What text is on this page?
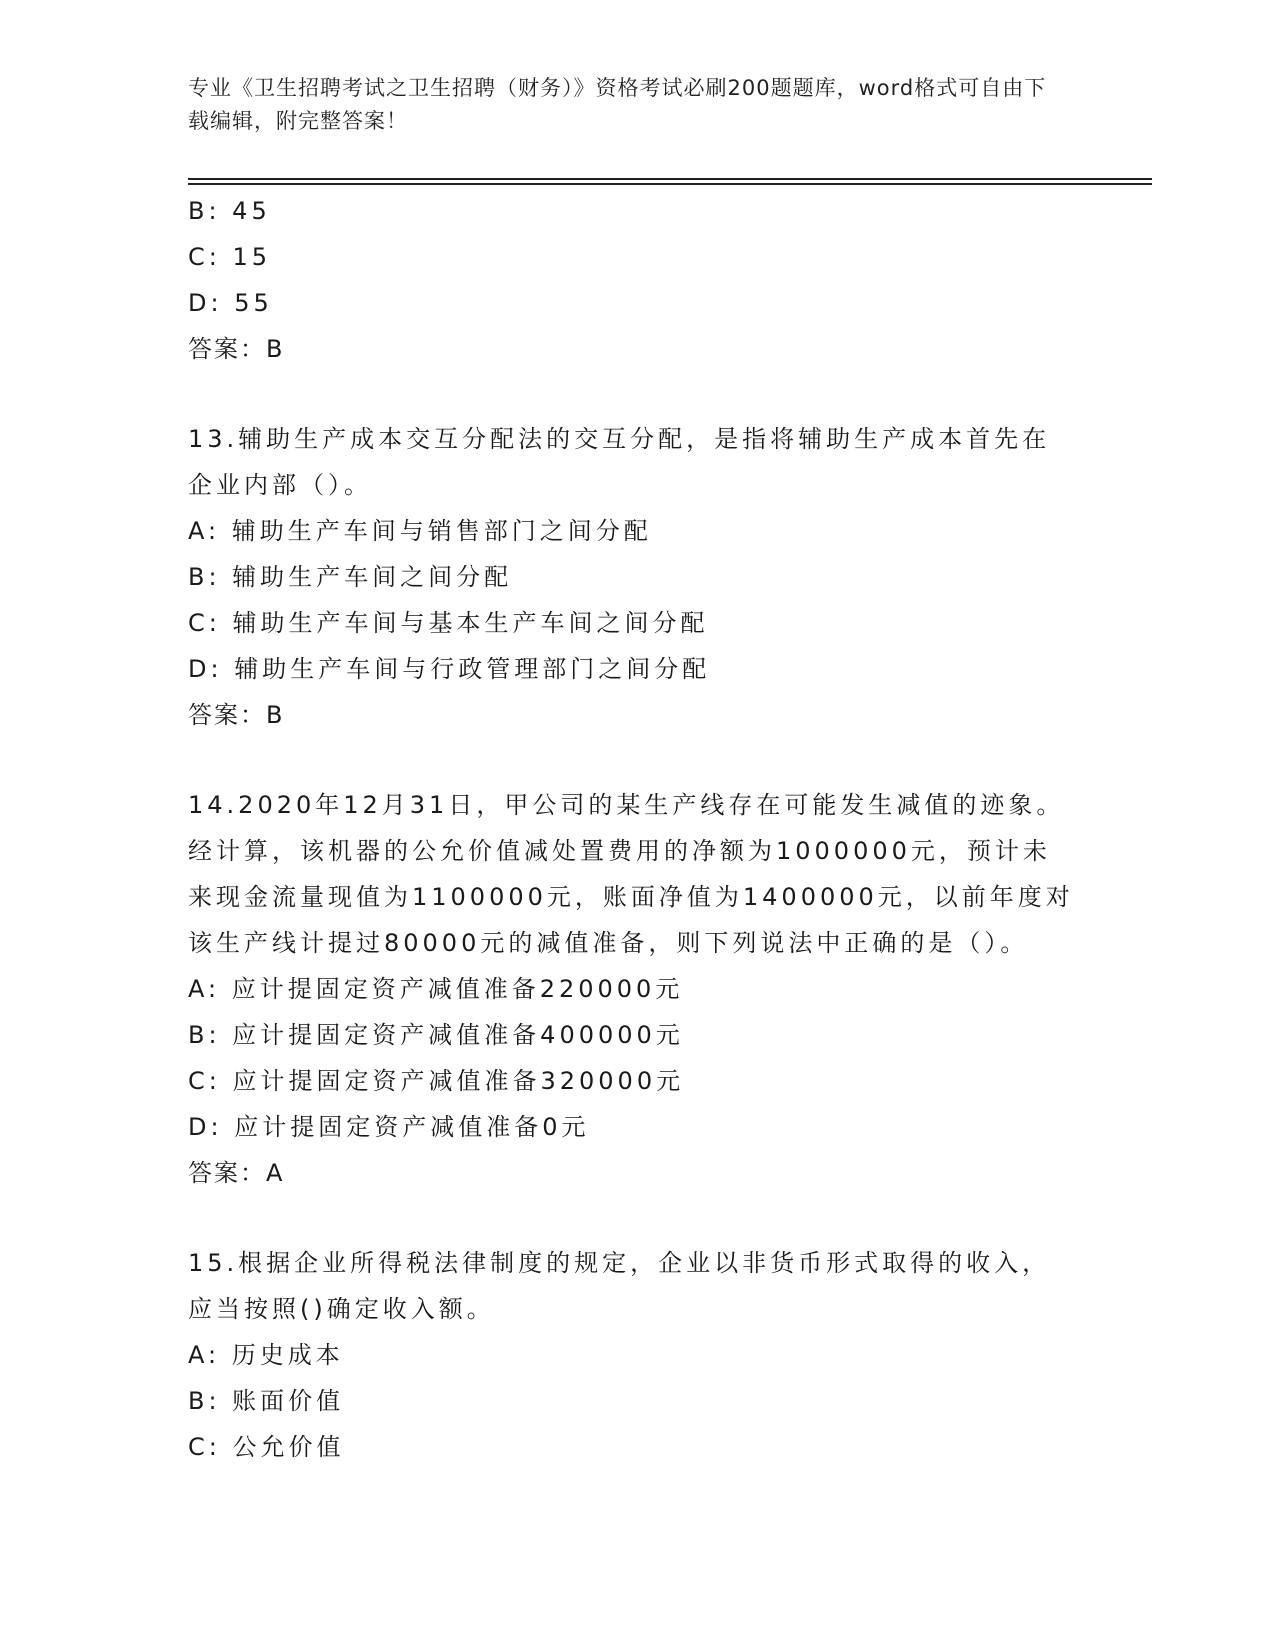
专业《卫生招聘考试之卫生招聘（财务）》资格考试必刷200题题库，word格式可自由下载编辑，附完整答案！
B: 45
C: 15
D: 55
答案：B
13.辅助生产成本交互分配法的交互分配，是指将辅助生产成本首先在
企业内部（）。
A: 辅助生产车间与销售部门之间分配
B: 辅助生产车间之间分配
C: 辅助生产车间与基本生产车间之间分配
D: 辅助生产车间与行政管理部门之间分配
答案：B
14.2020年12月31日，甲公司的某生产线存在可能发生减值的迹象。
经计算，该机器的公允价值减处置费用的净额为1000000元，预计未
来现金流量现值为1100000元，账面净值为1400000元，以前年度对
该生产线计提过80000元的减值准备，则下列说法中正确的是（）。
A: 应计提固定资产减值准备220000元
B: 应计提固定资产减值准备400000元
C: 应计提固定资产减值准备320000元
D: 应计提固定资产减值准备0元
答案：A
15.根据企业所得税法律制度的规定，企业以非货币形式取得的收入，
应当按照()确定收入额。
A: 历史成本
B: 账面价值
C: 公允价值
